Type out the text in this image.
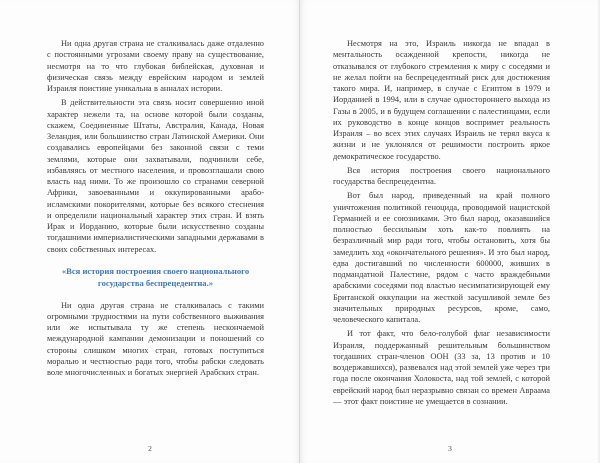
Ни одна другая страна не сталкивалась даже отдаленно с постоянными угрозами своему праву на существование, несмотря на то что глубокая библейская, духовная и физическая связь между еврейским народом и землей Израиля поистине уникальна в анналах истории.

В действительности эта связь носит совершенно иной характер нежели та, на основе которой были созданы, скажем, Соединенные Штаты, Австралия, Канада, Новая Зеландия, или большинство стран Латинской Америки. Они создавались европейцами без законной связи с теми землями, которые они захватывали, подчинили себе, избавляясь от местного населения, и провозглашали свою власть над ними. То же произошло со странами северной Африки, завоеванными и оккупированными арабо-исламскими покорителями, которые без всякого стеснения и определили национальный характер этих стран. И взять Ирак и Иорданию, которые были искусственно созданы тогдашними империалистическими западными державами в своих собственных интересах.

«Вся история построения своего национального государства беспрецедентна.»

Ни одна другая страна не сталкивалась с такими огромными трудностями на пути собственного выживания или же испытывала ту же степень нескончаемой международной кампании демонизации и поношений со стороны слишком многих стран, готовых поступиться моралью и честностью ради того, чтобы рабски следовать воле многочисленных и богатых энергией Арабских стран.

2

Несмотря на это, Израиль никогда не впадал в ментальность осажденной крепости, никогда не отказывался от глубокого стремления к миру с соседями и не желал пойти на беспрецедентный риск для достижения такого мира. И, например, в случае с Египтом в 1979 и Иорданией в 1994, или в случае одностороннего выхода из Газы в 2005, и в будущем соглашении с палестинцами, если их руководство в конце концов воспримет реальность Израиля – во всех этих случаях Израиль не терял вкуса к жизни и не уклонялся от решимости построить яркое демократическое государство.

Вся история построения своего национального государства беспрецедентна.

Вот был народ, приведенный на край полного уничтожения политикой геноцида, проводимой нацистской Германией и ее союзниками. Это был народ, оказавшийся полностью бессильным хоть как-то повлиять на безразличный мир ради того, чтобы остановить, хотя бы замедлить ход «окончательного решения». И это был народ, едва достигавший по численности 600000, живших в подмандатной Палестине, рядом с часто враждебными арабскими соседями под властью несимпатизирующей ему Британской оккупации на жесткой засушливой земле без значительных природных ресурсов, кроме, само, человеческого капитала.

И тот факт, что бело-голубой флаг независимости Израиля, поддержанный решительным большинством тогдашних стран-членов ООН (33 за, 13 против и 10 воздержавшихся), развевался над этой землей уже через три года после окончания Холокоста, над той землей, с которой еврейский народ был неразрывно связан со времен Авраама — этот факт поистине не умещается в сознании.

3
